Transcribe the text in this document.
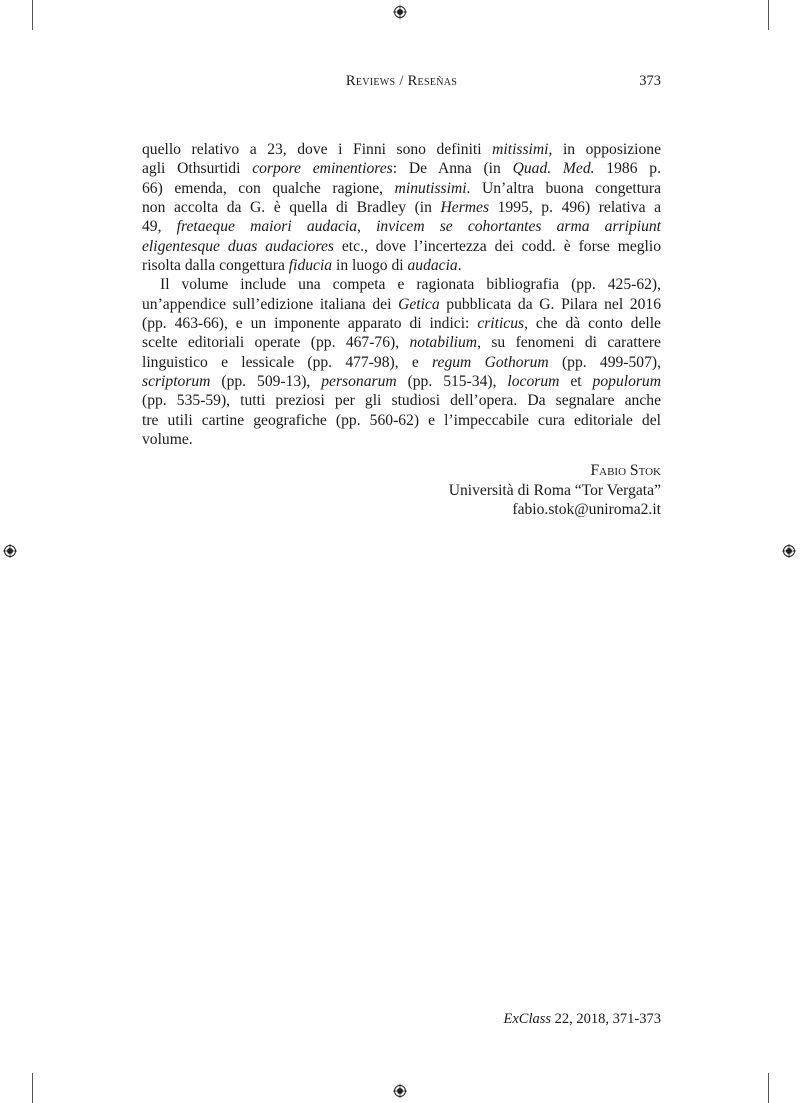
Reviews / Reseñas	373
quello relativo a 23, dove i Finni sono definiti mitissimi, in opposizione
agli Othsurtidi corpore eminentiores: De Anna (in Quad. Med. 1986 p.
66) emenda, con qualche ragione, minutissimi. Un’altra buona congettura
non accolta da G. è quella di Bradley (in Hermes 1995, p. 496) relativa a
49, fretaeque maiori audacia, invicem se cohortantes arma arripiunt
eligentesque duas audaciores etc., dove l’incertezza dei codd. è forse meglio
risolta dalla congettura fiducia in luogo di audacia.
Il volume include una competa e ragionata bibliografia (pp. 425-62),
un’appendice sull’edizione italiana dei Getica pubblicata da G. Pilara nel 2016
(pp. 463-66), e un imponente apparato di indici: criticus, che dà conto delle
scelte editoriali operate (pp. 467-76), notabilium, su fenomeni di carattere
linguistico e lessicale (pp. 477-98), e regum Gothorum (pp. 499-507),
scriptorum (pp. 509-13), personarum (pp. 515-34), locorum et populorum
(pp. 535-59), tutti preziosi per gli studiosi dell’opera. Da segnalare anche
tre utili cartine geografiche (pp. 560-62) e l’impeccabile cura editoriale del
volume.
Fabio Stok
Università di Roma “Tor Vergata”
fabio.stok@uniroma2.it
ExClass 22, 2018, 371-373
